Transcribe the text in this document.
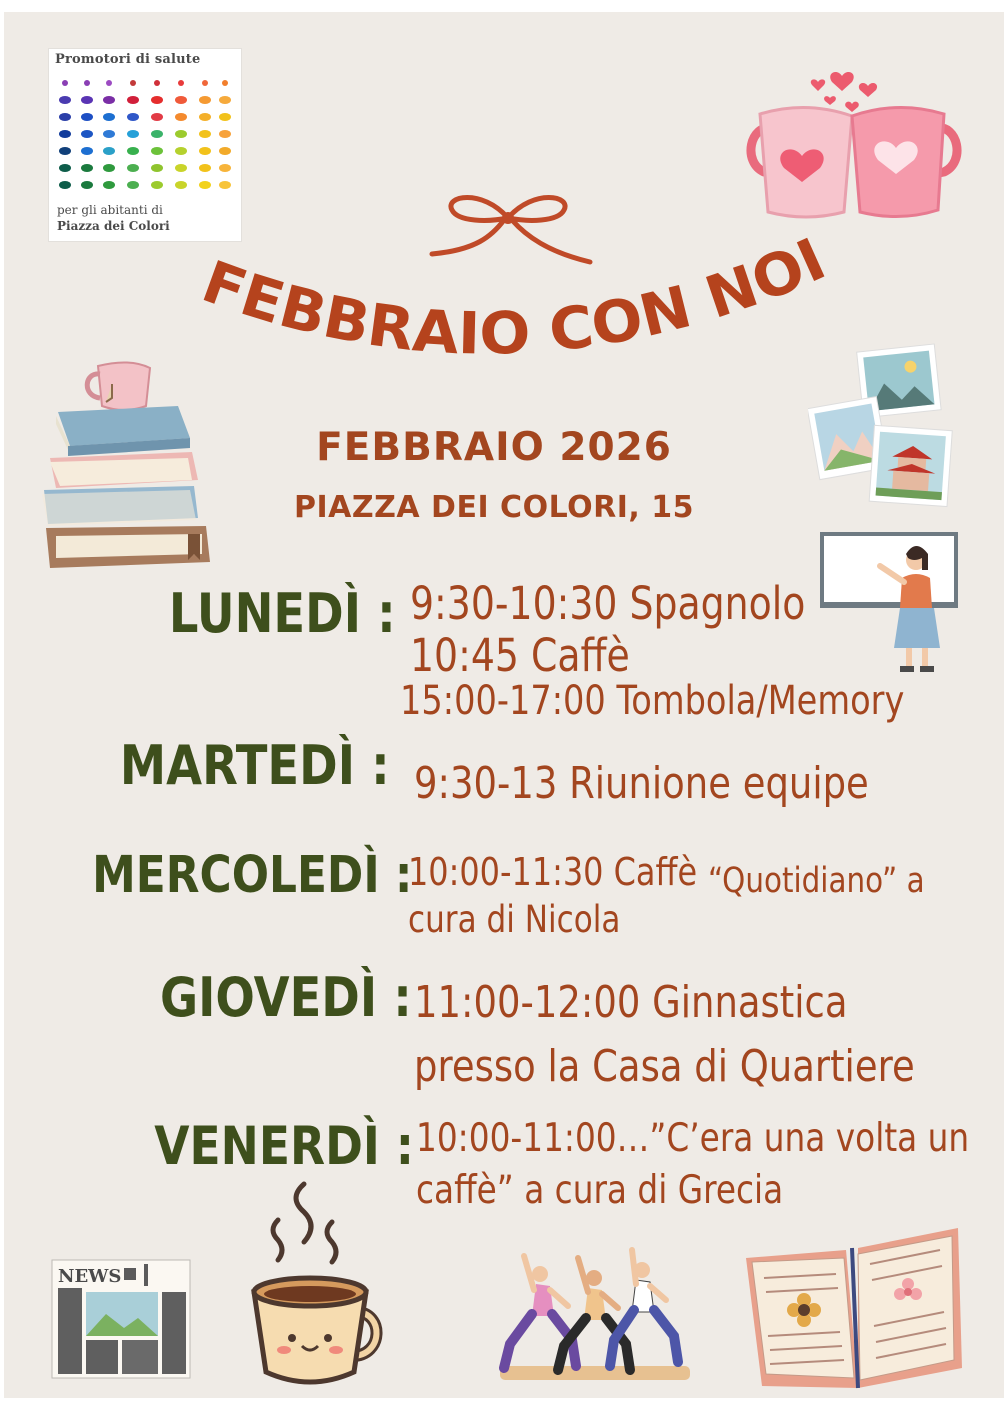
Promotori di salute
per gli abitanti di
Piazza dei Colori
FEBBRAIO CON NOI
FEBBRAIO 2026
PIAZZA DEI COLORI, 15
LUNEDÌ : 9:30-10:30 Spagnolo
10:45 Caffè
15:00-17:00 Tombola/Memory
MARTEDÌ : 9:30-13 Riunione equipe
MERCOLEDÌ :
10:00-11:30 Caffè “Quotidiano” a
cura di Nicola
GIOVEDÌ : 11:00-12:00 Ginnastica
presso la Casa di Quartiere
VENERDÌ : 10:00-11:00…”C’era una volta un
caffè” a cura di Grecia
NEWS
